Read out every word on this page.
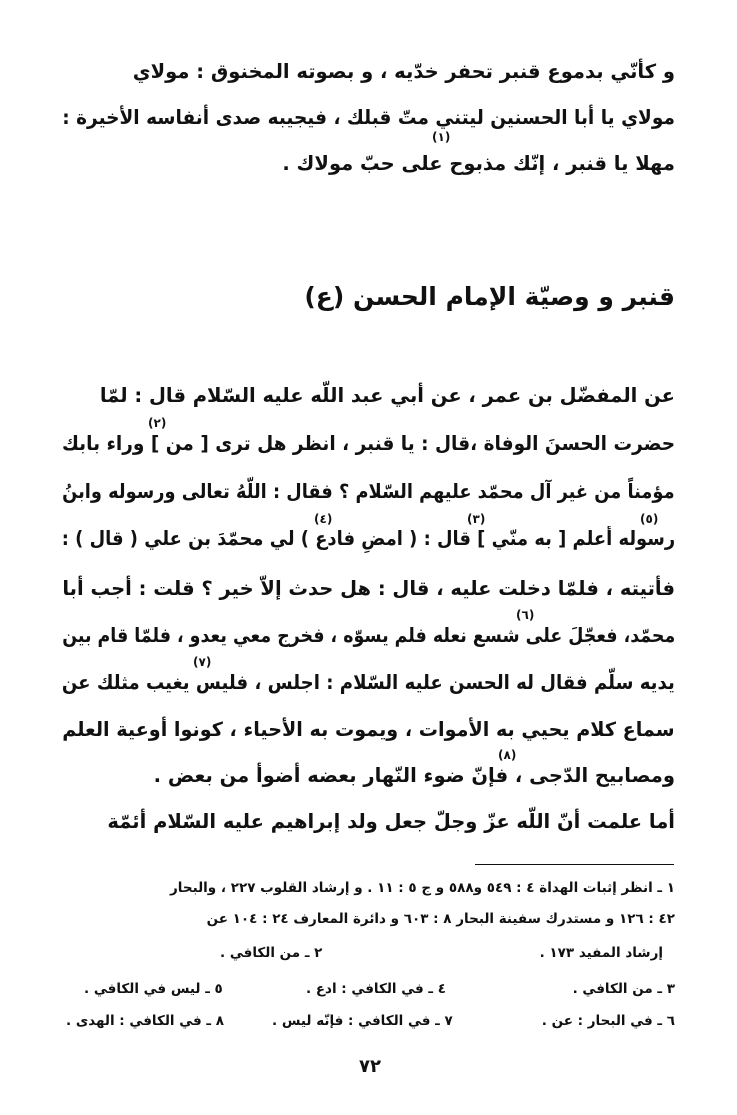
و كأنّي بدموع قنبر تحفر خدّيه ، و بصوته المخنوق : مولاي
مولاي يا أبا الحسنين ليتني متّ قبلك ، فيجيبه صدى أنفاسه الأخيرة :
مهلا يا قنبر ، إنّك مذبوح على حبّ مولاك .
قنبر و وصيّة الإمام الحسن (ع)
عن المفضّل بن عمر ، عن أبي عبد اللّه عليه السّلام قال : لمّا
حضرت الحسنَ الوفاة ،قال : يا قنبر ، انظر هل ترى [ من ] وراء بابك
مؤمناً من غير آل محمّد عليهم السّلام ؟ فقال : اللّهُ تعالى ورسوله وابنُ
رسوله أعلم [ به منّي ] قال : ( امضِ فادع ) لي محمّدَ بن علي ( قال ) :
فأتيته ، فلمّا دخلت عليه ، قال : هل حدث إلاّ خير ؟ قلت : أجب أبا
محمّد، فعجّلَ على شسع نعله فلم يسوّه ، فخرج معي يعدو ، فلمّا قام بين
يديه سلّم فقال له الحسن عليه السّلام : اجلس ، فليس يغيب مثلك عن
سماع كلام يحيي به الأموات ، ويموت به الأحياء ، كونوا أوعية العلم
ومصابيح الدّجى ، فإنّ ضوء النّهار بعضه أضوأ من بعض .
أما علمت أنّ اللّه عزّ وجلّ جعل ولد إبراهيم عليه السّلام أئمّة
(١)
(٢)
(٣)
(٤)	(٥)
(٦)
(٧)
(٨)
١ ـ انظر إثبات الهداة ٤ : ٥٤٩ و٥٨٨ و ج ٥ : ١١ . و إرشاد القلوب ٢٢٧ ، والبحار
٤٢ : ١٢٦ و مستدرك سفينة البحار ٨ : ٦٠٣ و دائرة المعارف ٢٤ : ١٠٤ عن
إرشاد المفيد ١٧٣ .
٢ ـ من الكافي .
٣ ـ من الكافي .
٤ ـ في الكافي : ادع .
٥ ـ ليس في الكافي .
٦ ـ في البحار : عن .
٧ ـ في الكافي : فإنّه ليس .
٨ ـ في الكافي : الهدى .
٧٢
